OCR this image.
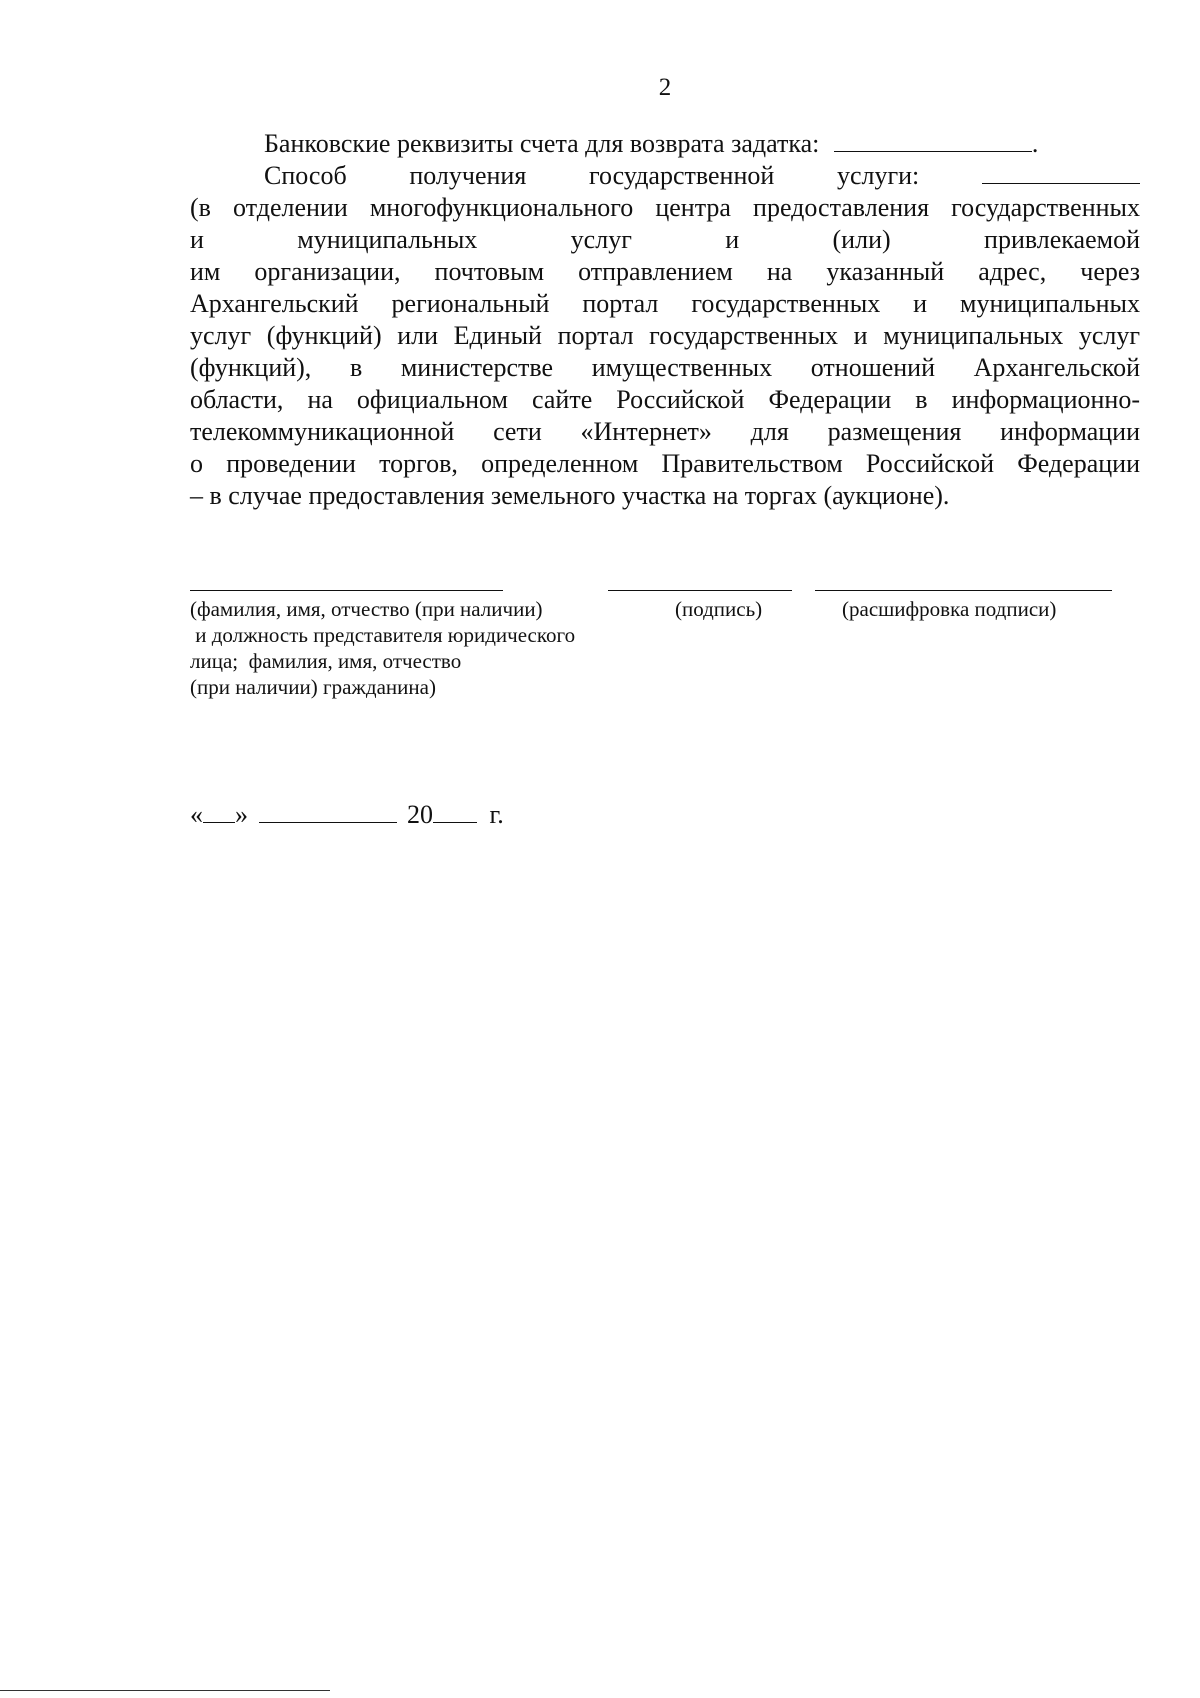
2
Банковские реквизиты счета для возврата задатка:	.
Способ получения государственной услуги:
(в отделении многофункционального центра предоставления государственных
и муниципальных услуг и (или) привлекаемой
им организации, почтовым отправлением на указанный адрес, через
Архангельский региональный портал государственных и муниципальных
услуг (функций) или Единый портал государственных и муниципальных услуг
(функций), в министерстве имущественных отношений Архангельской
области, на официальном сайте Российской Федерации в информационно-
телекоммуникационной сети «Интернет» для размещения информации
о проведении торгов, определенном Правительством Российской Федерации
– в случае предоставления земельного участка на торгах (аукционе).
(фамилия, имя, отчество (при наличии)
и должность представителя юридического
лица;  фамилия, имя, отчество
(при наличии) гражданина)
(подпись)	(расшифровка подписи)
« »	20 г.
